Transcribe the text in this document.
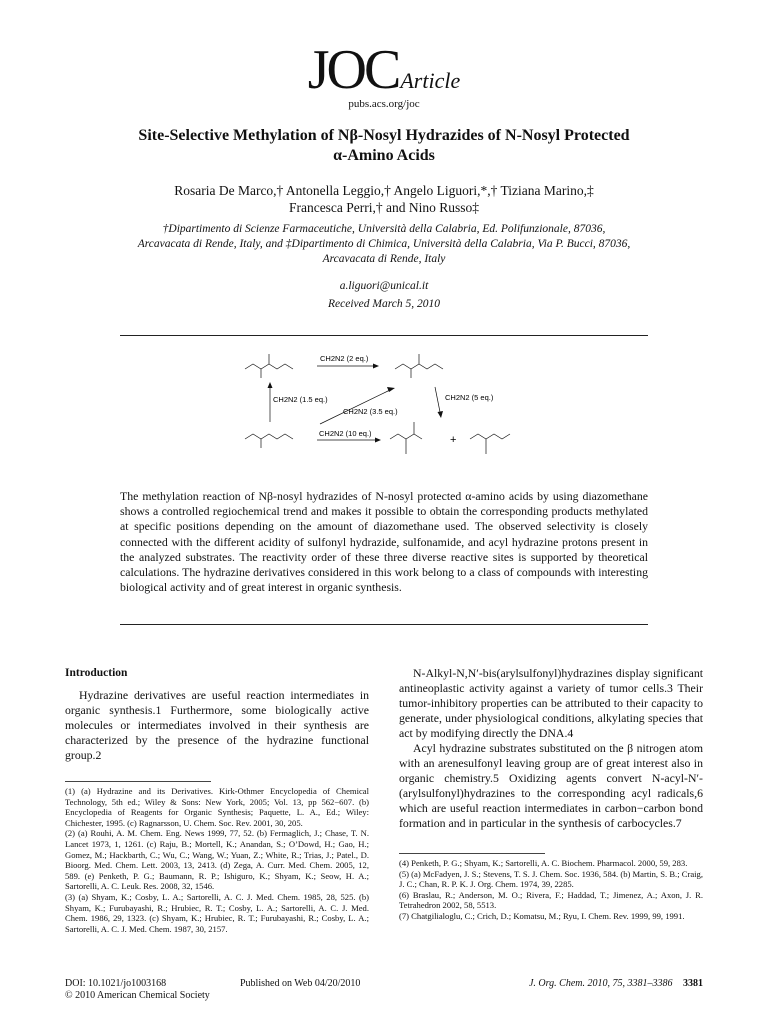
JOCArticle
pubs.acs.org/joc
Site-Selective Methylation of Nβ-Nosyl Hydrazides of N-Nosyl Protected
α-Amino Acids
Rosaria De Marco,† Antonella Leggio,† Angelo Liguori,*,† Tiziana Marino,‡
Francesca Perri,† and Nino Russo‡
†Dipartimento di Scienze Farmaceutiche, Università della Calabria, Ed. Polifunzionale, 87036,
Arcavacata di Rende, Italy, and ‡Dipartimento di Chimica, Università della Calabria, Via P. Bucci, 87036,
Arcavacata di Rende, Italy
a.liguori@unical.it
Received March 5, 2010
CH2N2 (2 eq.)
CH2N2 (1.5 eq.)
CH2N2 (3.5 eq.)
CH2N2 (5 eq.)
CH2N2 (10 eq.)
+
The methylation reaction of Nβ-nosyl hydrazides of N-nosyl protected α-amino acids by using diazomethane shows a controlled regiochemical trend and makes it possible to obtain the corresponding products methylated at specific positions depending on the amount of diazomethane used. The observed selectivity is closely connected with the different acidity of sulfonyl hydrazide, sulfonamide, and acyl hydrazine protons present in the analyzed substrates. The reactivity order of these three diverse reactive sites is supported by theoretical calculations. The hydrazine derivatives considered in this work belong to a class of compounds with interesting biological activity and of great interest in organic synthesis.
Introduction

Hydrazine derivatives are useful reaction intermediates in organic synthesis.1 Furthermore, some biologically active molecules or intermediates involved in their synthesis are characterized by the presence of the hydrazine functional group.2

(1) (a) Hydrazine and its Derivatives. Kirk-Othmer Encyclopedia of Chemical Technology, 5th ed.; Wiley & Sons: New York, 2005; Vol. 13, pp 562−607. (b) Encyclopedia of Reagents for Organic Synthesis; Paquette, L. A., Ed.; Wiley: Chichester, 1995. (c) Ragnarsson, U. Chem. Soc. Rev. 2001, 30, 205.
(2) (a) Rouhi, A. M. Chem. Eng. News 1999, 77, 52. (b) Fermaglich, J.; Chase, T. N. Lancet 1973, 1, 1261. (c) Raju, B.; Mortell, K.; Anandan, S.; O’Dowd, H.; Gao, H.; Gomez, M.; Hackbarth, C.; Wu, C.; Wang, W.; Yuan, Z.; White, R.; Trias, J.; Patel., D. Bioorg. Med. Chem. Lett. 2003, 13, 2413. (d) Zega, A. Curr. Med. Chem. 2005, 12, 589. (e) Penketh, P. G.; Baumann, R. P.; Ishiguro, K.; Shyam, K.; Seow, H. A.; Sartorelli, A. C. Leuk. Res. 2008, 32, 1546.
(3) (a) Shyam, K.; Cosby, L. A.; Sartorelli, A. C. J. Med. Chem. 1985, 28, 525. (b) Shyam, K.; Furubayashi, R.; Hrubiec, R. T.; Cosby, L. A.; Sartorelli, A. C. J. Med. Chem. 1986, 29, 1323. (c) Shyam, K.; Hrubiec, R. T.; Furubayashi, R.; Cosby, L. A.; Sartorelli, A. C. J. Med. Chem. 1987, 30, 2157.

N-Alkyl-N,N′-bis(arylsulfonyl)hydrazines display significant antineoplastic activity against a variety of tumor cells.3 Their tumor-inhibitory properties can be attributed to their capacity to generate, under physiological conditions, alkylating species that act by modifying directly the DNA.4

Acyl hydrazine substrates substituted on the β nitrogen atom with an arenesulfonyl leaving group are of great interest also in organic chemistry.5 Oxidizing agents convert N-acyl-N′-(arylsulfonyl)hydrazines to the corresponding acyl radicals,6 which are useful reaction intermediates in carbon−carbon bond formation and in particular in the synthesis of carbocycles.7

(4) Penketh, P. G.; Shyam, K.; Sartorelli, A. C. Biochem. Pharmacol. 2000, 59, 283.
(5) (a) McFadyen, J. S.; Stevens, T. S. J. Chem. Soc. 1936, 584. (b) Martin, S. B.; Craig, J. C.; Chan, R. P. K. J. Org. Chem. 1974, 39, 2285.
(6) Braslau, R.; Anderson, M. O.; Rivera, F.; Haddad, T.; Jimenez, A.; Axon, J. R. Tetrahedron 2002, 58, 5513.
(7) Chatgilialoglu, C.; Crich, D.; Komatsu, M.; Ryu, I. Chem. Rev. 1999, 99, 1991.
DOI: 10.1021/jo1003168
© 2010 American Chemical Society
Published on Web 04/20/2010	J. Org. Chem. 2010, 75, 3381–3386 3381
